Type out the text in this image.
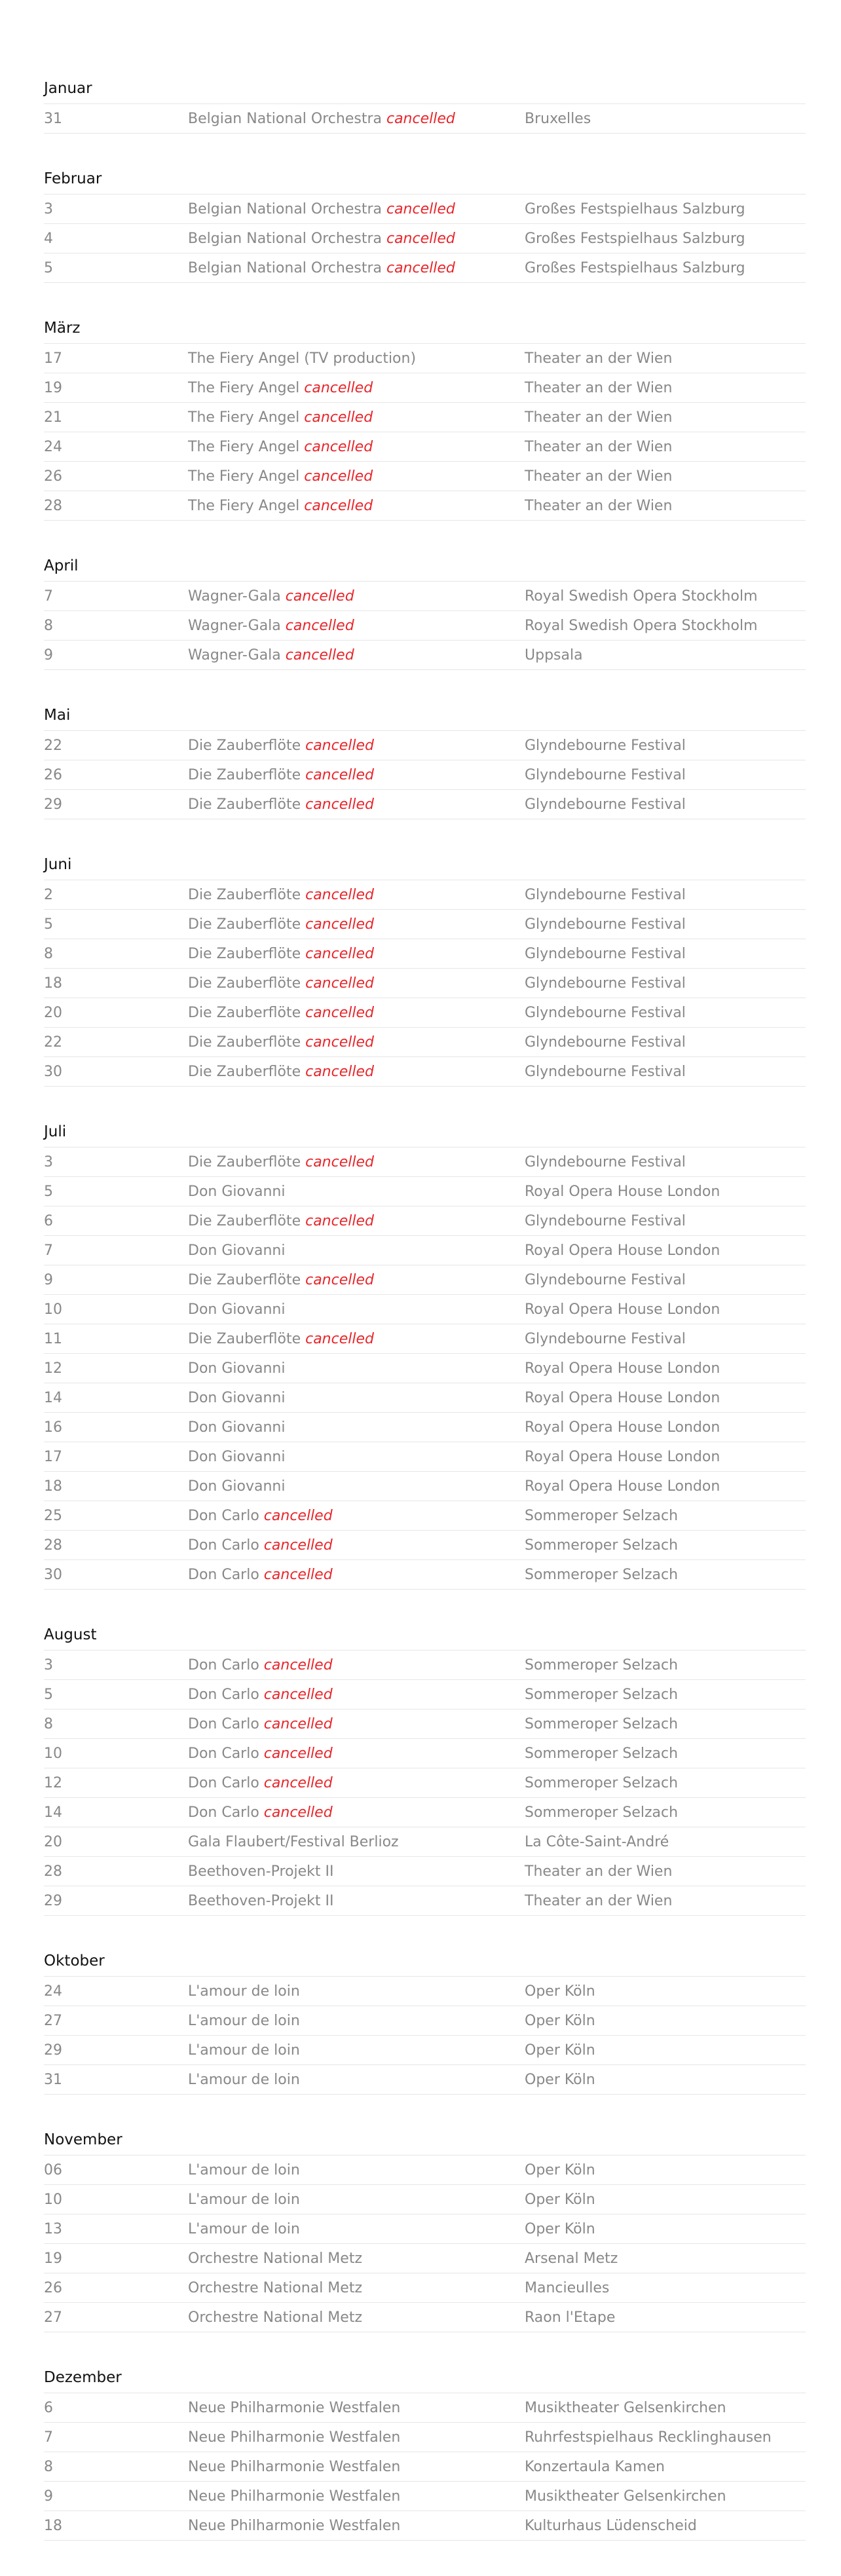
Januar
31	Belgian National Orchestra cancelled	Bruxelles
Februar
3	Belgian National Orchestra cancelled	Großes Festspielhaus Salzburg
4	Belgian National Orchestra cancelled	Großes Festspielhaus Salzburg
5	Belgian National Orchestra cancelled	Großes Festspielhaus Salzburg
März
17	The Fiery Angel (TV production)	Theater an der Wien
19	The Fiery Angel cancelled	Theater an der Wien
21	The Fiery Angel cancelled	Theater an der Wien
24	The Fiery Angel cancelled	Theater an der Wien
26	The Fiery Angel cancelled	Theater an der Wien
28	The Fiery Angel cancelled	Theater an der Wien
April
7	Wagner-Gala cancelled	Royal Swedish Opera Stockholm
8	Wagner-Gala cancelled	Royal Swedish Opera Stockholm
9	Wagner-Gala cancelled	Uppsala
Mai
22	Die Zauberflöte cancelled	Glyndebourne Festival
26	Die Zauberflöte cancelled	Glyndebourne Festival
29	Die Zauberflöte cancelled	Glyndebourne Festival
Juni
2	Die Zauberflöte cancelled	Glyndebourne Festival
5	Die Zauberflöte cancelled	Glyndebourne Festival
8	Die Zauberflöte cancelled	Glyndebourne Festival
18	Die Zauberflöte cancelled	Glyndebourne Festival
20	Die Zauberflöte cancelled	Glyndebourne Festival
22	Die Zauberflöte cancelled	Glyndebourne Festival
30	Die Zauberflöte cancelled	Glyndebourne Festival
Juli
3	Die Zauberflöte cancelled	Glyndebourne Festival
5	Don Giovanni	Royal Opera House London
6	Die Zauberflöte cancelled	Glyndebourne Festival
7	Don Giovanni	Royal Opera House London
9	Die Zauberflöte cancelled	Glyndebourne Festival
10	Don Giovanni	Royal Opera House London
11	Die Zauberflöte cancelled	Glyndebourne Festival
12	Don Giovanni	Royal Opera House London
14	Don Giovanni	Royal Opera House London
16	Don Giovanni	Royal Opera House London
17	Don Giovanni	Royal Opera House London
18	Don Giovanni	Royal Opera House London
25	Don Carlo cancelled	Sommeroper Selzach
28	Don Carlo cancelled	Sommeroper Selzach
30	Don Carlo cancelled	Sommeroper Selzach
August
3	Don Carlo cancelled	Sommeroper Selzach
5	Don Carlo cancelled	Sommeroper Selzach
8	Don Carlo cancelled	Sommeroper Selzach
10	Don Carlo cancelled	Sommeroper Selzach
12	Don Carlo cancelled	Sommeroper Selzach
14	Don Carlo cancelled	Sommeroper Selzach
20	Gala Flaubert/Festival Berlioz	La Côte-Saint-André
28	Beethoven-Projekt II	Theater an der Wien
29	Beethoven-Projekt II	Theater an der Wien
Oktober
24	L'amour de loin	Oper Köln
27	L'amour de loin	Oper Köln
29	L'amour de loin	Oper Köln
31	L'amour de loin	Oper Köln
November
06	L'amour de loin	Oper Köln
10	L'amour de loin	Oper Köln
13	L'amour de loin	Oper Köln
19	Orchestre National Metz	Arsenal Metz
26	Orchestre National Metz	Mancieulles
27	Orchestre National Metz	Raon l'Etape
Dezember
6	Neue Philharmonie Westfalen	Musiktheater Gelsenkirchen
7	Neue Philharmonie Westfalen	Ruhrfestspielhaus Recklinghausen
8	Neue Philharmonie Westfalen	Konzertaula Kamen
9	Neue Philharmonie Westfalen	Musiktheater Gelsenkirchen
18	Neue Philharmonie Westfalen	Kulturhaus Lüdenscheid
